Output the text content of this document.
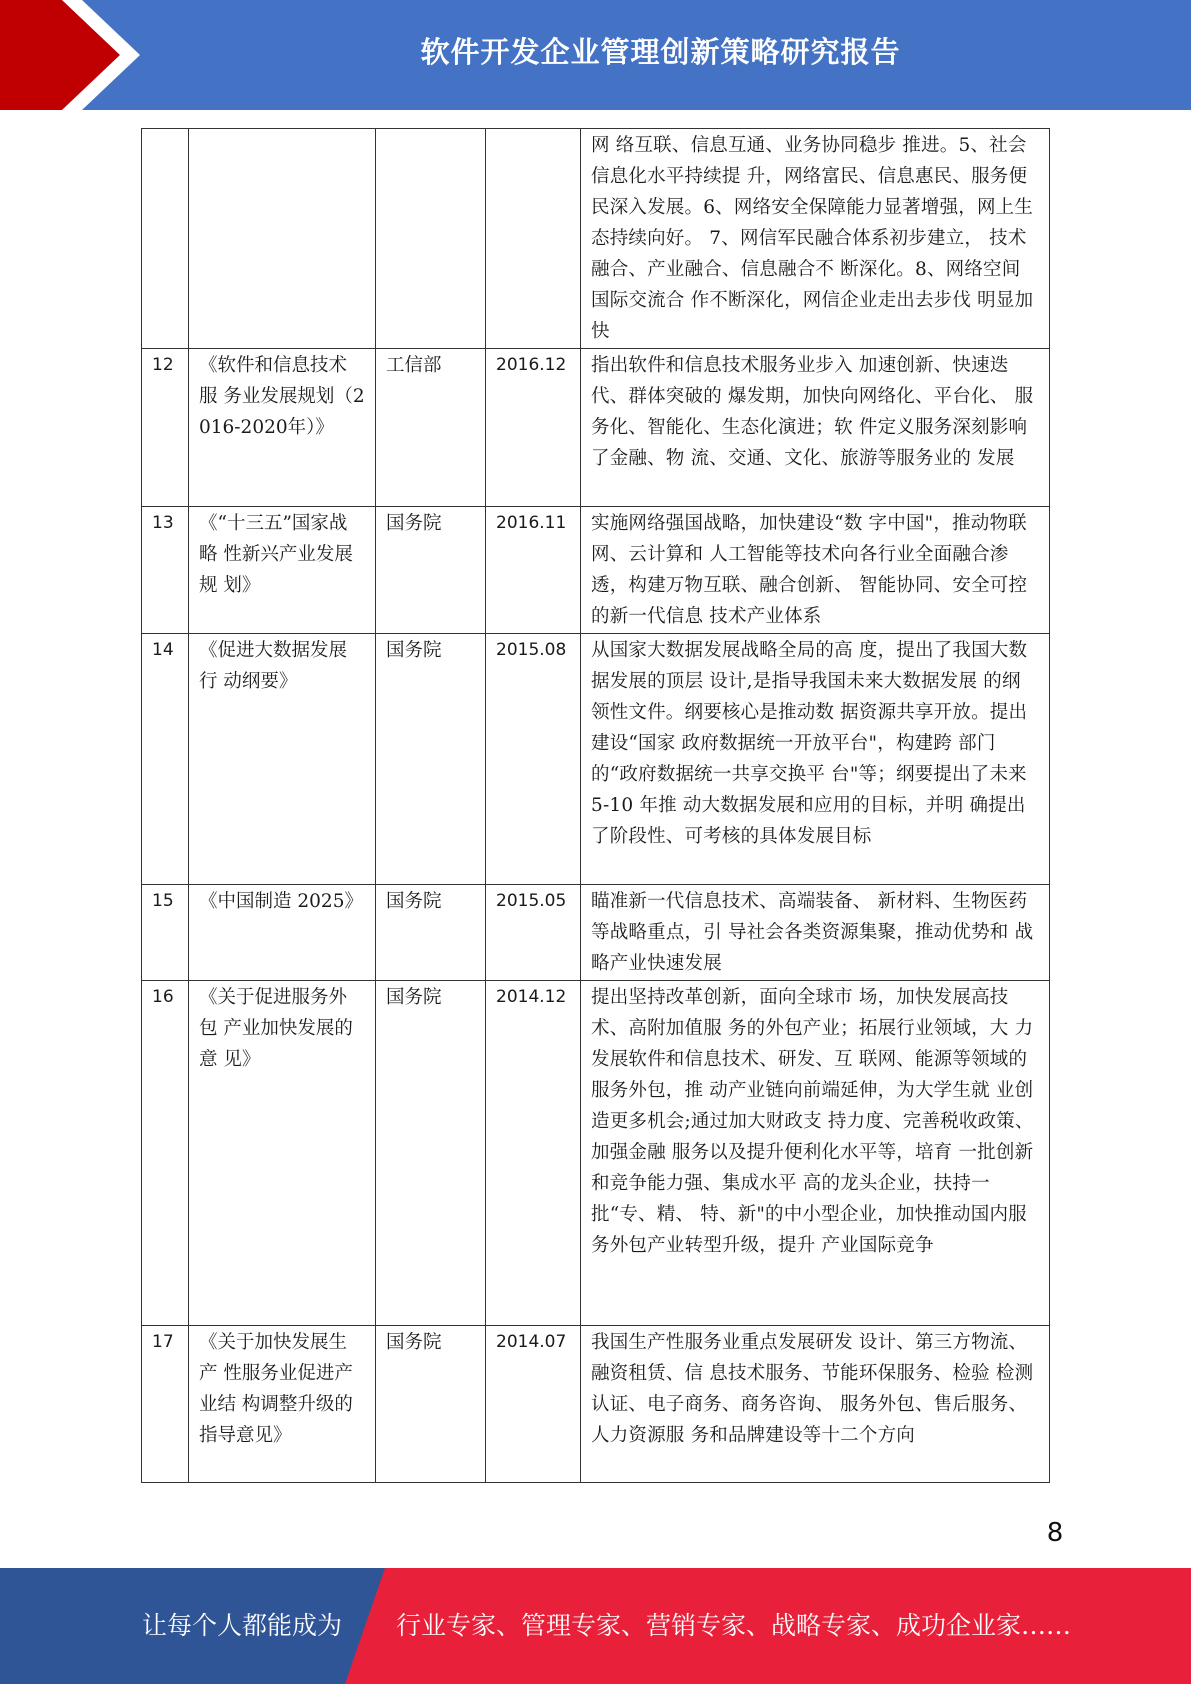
软件开发企业管理创新策略研究报告
				网 络互联、信息互通、业务协同稳步 推进。5、社会信息化水平持续提 升，网络富民、信息惠民、服务便 民深入发展。6、网络安全保障能力显著增强，网上生态持续向好。 7、网信军民融合体系初步建立， 技术融合、产业融合、信息融合不 断深化。8、网络空间国际交流合 作不断深化，网信企业走出去步伐 明显加快
12	《软件和信息技术服 务业发展规划（2016-2020年）》	工信部	2016.12	指出软件和信息技术服务业步入 加速创新、快速迭代、群体突破的 爆发期，加快向网络化、平台化、 服务化、智能化、生态化演进；软 件定义服务深刻影响了金融、物 流、交通、文化、旅游等服务业的 发展
13	《“十三五”国家战略 性新兴产业发展规 划》	国务院	2016.11	实施网络强国战略，加快建设“数 字中国"，推动物联网、云计算和 人工智能等技术向各行业全面融合渗透，构建万物互联、融合创新、 智能协同、安全可控的新一代信息 技术产业体系
14	《促进大数据发展行 动纲要》	国务院	2015.08	从国家大数据发展战略全局的高 度，提出了我国大数据发展的顶层 设计,是指导我国未来大数据发展 的纲领性文件。纲要核心是推动数 据资源共享开放。提出建设“国家 政府数据统一开放平台"，构建跨 部门的“政府数据统一共享交换平 台"等；纲要提出了未来 5-10 年推 动大数据发展和应用的目标，并明 确提出了阶段性、可考核的具体发展目标
15	《中国制造 2025》	国务院	2015.05	瞄准新一代信息技术、高端装备、 新材料、生物医药等战略重点，引 导社会各类资源集聚，推动优势和 战略产业快速发展
16	《关于促进服务外包 产业加快发展的意 见》	国务院	2014.12	提出坚持改革创新，面向全球市 场，加快发展高技术、高附加值服 务的外包产业；拓展行业领域，大 力发展软件和信息技术、研发、互 联网、能源等领域的服务外包，推 动产业链向前端延伸，为大学生就 业创造更多机会;通过加大财政支 持力度、完善税收政策、加强金融 服务以及提升便利化水平等，培育 一批创新和竞争能力强、集成水平 高的龙头企业，扶持一批“专、精、 特、新"的中小型企业，加快推动国内服务外包产业转型升级，提升 产业国际竞争
17	《关于加快发展生产 性服务业促进产业结 构调整升级的指导意见》	国务院	2014.07	我国生产性服务业重点发展研发 设计、第三方物流、融资租赁、信 息技术服务、节能环保服务、检验 检测认证、电子商务、商务咨询、 服务外包、售后服务、人力资源服 务和品牌建设等十二个方向
8
让每个人都能成为 行业专家、管理专家、营销专家、战略专家、成功企业家……
